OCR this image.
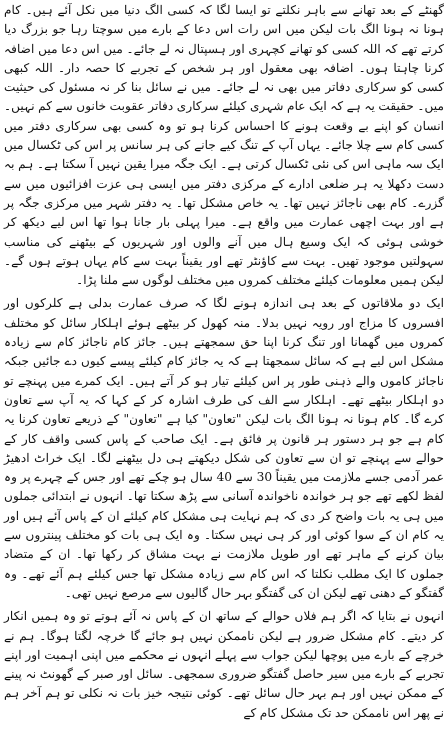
گھنٹے کے بعد تھانے سے باہر نکلتے تو ایسا لگا کہ کسی الگ دنیا میں نکل آئے ہیں۔ کام ہونا نہ ہونا الگ بات لیکن میں اس رات اس دعا کے بارے میں سوچتا رہا جو بزرگ دیا کرتے تھے کہ اللہ کسی کو تھانے کچہری اور ہسپتال نہ لے جائے۔ میں اس دعا میں اضافہ کرنا چاہتا ہوں۔ اضافہ بھی معقول اور ہر شخص کے تجربے کا حصہ دار۔ اللہ کبھی کسی کو سرکاری دفاتر میں بھی نہ لے جائے۔ میں نے سائل بنا کر نہ مسئول کی حیثیت میں۔ حقیقت یہ ہے کہ ایک عام شہری کیلئے سرکاری دفاتر عقوبت خانوں سے کم نہیں۔ انسان کو اپنے بے وقعت ہونے کا احساس کرنا ہو تو وہ کسی بھی سرکاری دفتر میں کسی کام سے چلا جائے۔ یہاں آپ کے تنگ کیے جانے کی ہر سانس پر اس کی ٹکسال میں ایک سہ ماہی اس کی نئی ٹکسال کرتی ہے۔ ایک جگہ میرا یقین نہیں آ سکتا ہے۔ ہم بہ دست دکھلا یہ ہر ضلعی ادارے کے مرکزی دفتر میں ایسی ہی عزت افزائیوں میں سے گزرے۔ کام بھی ناجائز نہیں تھا۔ یہ خاص مشکل تھا۔ یہ دفتر شہر میں مرکزی جگہ پر ہے اور بہت اچھی عمارت میں واقع ہے۔ میرا پہلی بار جانا ہوا تھا اس لیے دیکھ کر خوشی ہوئی کہ ایک وسیع ہال میں آنے والوں اور شہریوں کے بیٹھنے کی مناسب سہولتیں موجود تھیں۔ بہت سے کاؤنٹر تھے اور یقیناً بہت سے کام یہاں ہوتے ہوں گے۔ لیکن ہمیں معلومات کیلئے مختلف کمروں میں مختلف لوگوں سے ملنا پڑا۔

ایک دو ملاقاتوں کے بعد ہی اندازہ ہونے لگا کہ صرف عمارت بدلی ہے کلرکوں اور افسروں کا مزاج اور رویہ نہیں بدلا۔ منہ کھول کر بیٹھے ہوئے اہلکار سائل کو مختلف کمروں میں گھمانا اور تنگ کرنا اپنا حق سمجھتے ہیں۔ جائز کام ناجائز کام سے زیادہ مشکل اس لیے ہے کہ سائل سمجھتا ہے کہ یہ جائز کام کیلئے پیسے کیوں دے جائیں جبکہ ناجائز کاموں والے ذہنی طور پر اس کیلئے تیار ہو کر آتے ہیں۔ ایک کمرے میں پہنچے تو دو اہلکار بیٹھے تھے۔ اہلکار سے الف کی طرف اشارہ کر کے کہا کہ یہ آپ سے تعاون کرے گا۔ کام ہونا نہ ہونا الگ بات لیکن "تعاون" کیا ہے "تعاون" کے ذریعے تعاون کرنا یہ کام ہے جو ہر دستور ہر قانون پر فائق ہے۔ ایک صاحب کے پاس کسی واقف کار کے حوالے سے پہنچے تو ان سے تعاون کی شکل دیکھتے ہی دل بیٹھنے لگا۔ ایک خراٹ ادھیڑ عمر آدمی جسے ملازمت میں یقیناً 30 سے 40 سال ہو چکے تھے اور جس کے چہرے پر وہ لفظ لکھے تھے جو ہر خواندہ ناخواندہ آسانی سے پڑھ سکتا تھا۔ انہوں نے ابتدائی جملوں میں ہی یہ بات واضح کر دی کہ ہم نہایت ہی مشکل کام کیلئے ان کے پاس آئے ہیں اور یہ کام ان کے سوا کوئی اور کر ہی نہیں سکتا۔ وہ ایک ہی بات کو مختلف پینتروں سے بیان کرنے کے ماہر تھے اور طویل ملازمت نے بہت مشاق کر رکھا تھا۔ ان کے متضاد جملوں کا ایک مطلب نکلتا کہ اس کام سے زیادہ مشکل تھا جس کیلئے ہم آئے تھے۔ وہ گفتگو کے دھنی تھے لیکن ان کی گفتگو بہر حال گالیوں سے مرصع نہیں تھی۔

انہوں نے بتایا کہ اگر ہم فلاں حوالے کے ساتھ ان کے پاس نہ آئے ہوتے تو وہ ہمیں انکار کر دیتے۔ کام مشکل ضرور ہے لیکن ناممکن نہیں ہو جائے گا خرچہ لگتا ہوگا۔ ہم نے خرچے کے بارے میں پوچھا لیکن جواب سے پہلے انہوں نے محکمے میں اپنی اہمیت اور اپنے تجربے کے بارے میں سیر حاصل گفتگو ضروری سمجھی۔ سائل اور صبر کے گھونٹ نہ پینے کے ممکن نہیں اور ہم بہر حال سائل تھے۔ کوئی نتیجہ خیز بات نہ نکلی تو ہم آخر ہم نے پھر اس ناممکن حد تک مشکل کام کے
